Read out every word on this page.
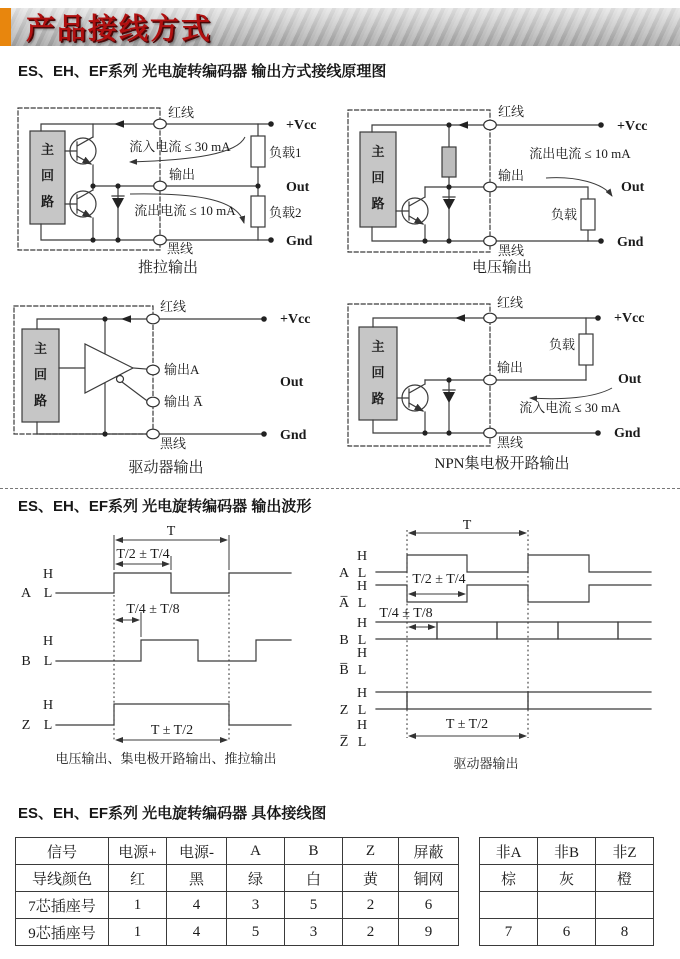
产品接线方式
ES、EH、EF系列 光电旋转编码器 输出方式接线原理图
主
回
路
红线
流入电流 ≤ 30 mA
输出
流出电流 ≤ 10 mA
黑线
+Vcc
Out
Gnd
负载1
负载2
推拉输出
主
回
路
红线
流出电流 ≤ 10 mA
输出
黑线
+Vcc
Out
Gnd
负载
电压输出
主
回
路
红线
输出A
输出 A̅
黑线
+Vcc
Out
Gnd
驱动器输出
主
回
路
红线
输出
黑线
+Vcc
Out
Gnd
负载
流入电流 ≤ 30 mA
NPN集电极开路输出
ES、EH、EF系列 光电旋转编码器 输出波形
A
H
L
B
H
L
Z
H
L
T
T/2 ± T/4
T/4 ± T/8
T ± T/2
电压输出、集电极开路输出、推拉输出
A
H
L
A̅
H
L
B
H
L
B̅
H
L
Z
H
L
Z̅
H
L
T
T/2 ± T/4
T/4 ± T/8
T ± T/2
驱动器输出
ES、EH、EF系列 光电旋转编码器 具体接线图
信号	电源+	电源-	A	B	Z	屏蔽
导线颜色	红	黑	绿	白	黄	铜网
7芯插座号	1	4	3	5	2	6
9芯插座号	1	4	5	3	2	9
非A	非B	非Z
棕	灰	橙

7	6	8
